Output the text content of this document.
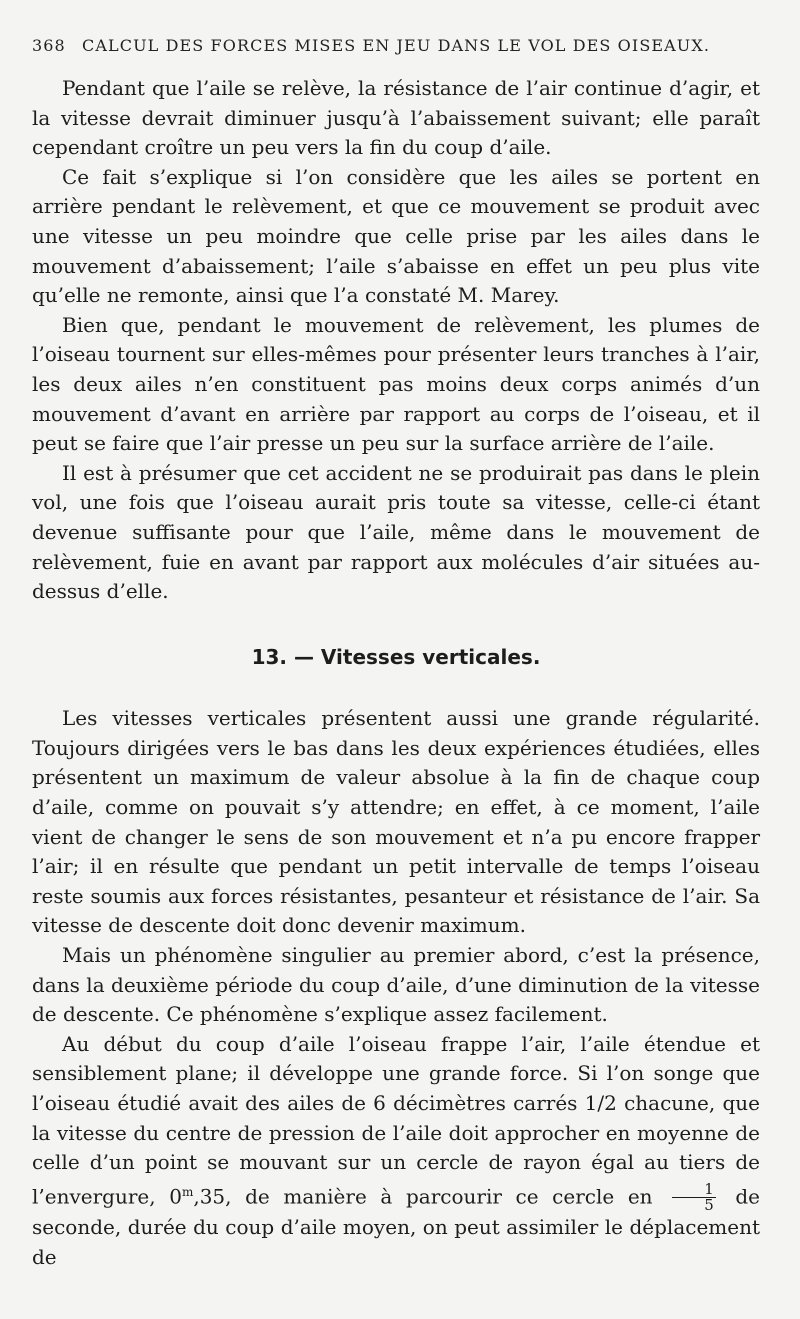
368 CALCUL DES FORCES MISES EN JEU DANS LE VOL DES OISEAUX.

Pendant que l’aile se relève, la résistance de l’air continue d’agir, et la vitesse devrait diminuer jusqu’à l’abaissement suivant; elle paraît cependant croître un peu vers la fin du coup d’aile.

Ce fait s’explique si l’on considère que les ailes se portent en arrière pendant le relèvement, et que ce mouvement se produit avec une vitesse un peu moindre que celle prise par les ailes dans le mouvement d’abaissement; l’aile s’abaisse en effet un peu plus vite qu’elle ne remonte, ainsi que l’a constaté M. Marey.

Bien que, pendant le mouvement de relèvement, les plumes de l’oiseau tournent sur elles-mêmes pour présenter leurs tranches à l’air, les deux ailes n’en constituent pas moins deux corps animés d’un mouvement d’avant en arrière par rapport au corps de l’oiseau, et il peut se faire que l’air presse un peu sur la surface arrière de l’aile.

Il est à présumer que cet accident ne se produirait pas dans le plein vol, une fois que l’oiseau aurait pris toute sa vitesse, celle-ci étant devenue suffisante pour que l’aile, même dans le mouvement de relèvement, fuie en avant par rapport aux molécules d’air situées au-dessus d’elle.

13. — Vitesses verticales.

Les vitesses verticales présentent aussi une grande régularité. Toujours dirigées vers le bas dans les deux expériences étudiées, elles présentent un maximum de valeur absolue à la fin de chaque coup d’aile, comme on pouvait s’y attendre; en effet, à ce moment, l’aile vient de changer le sens de son mouvement et n’a pu encore frapper l’air; il en résulte que pendant un petit intervalle de temps l’oiseau reste soumis aux forces résistantes, pesanteur et résistance de l’air. Sa vitesse de descente doit donc devenir maximum.

Mais un phénomène singulier au premier abord, c’est la présence, dans la deuxième période du coup d’aile, d’une diminution de la vitesse de descente. Ce phénomène s’explique assez facilement.

Au début du coup d’aile l’oiseau frappe l’air, l’aile étendue et sensiblement plane; il développe une grande force. Si l’on songe que l’oiseau étudié avait des ailes de 6 décimètres carrés 1/2 chacune, que la vitesse du centre de pression de l’aile doit approcher en moyenne de celle d’un point se mouvant sur un cercle de rayon égal au tiers de l’envergure, 0$^m$,35, de manière à parcourir ce cercle en $\frac{1}{5}$ de seconde, durée du coup d’aile moyen, on peut assimiler le déplacement de
